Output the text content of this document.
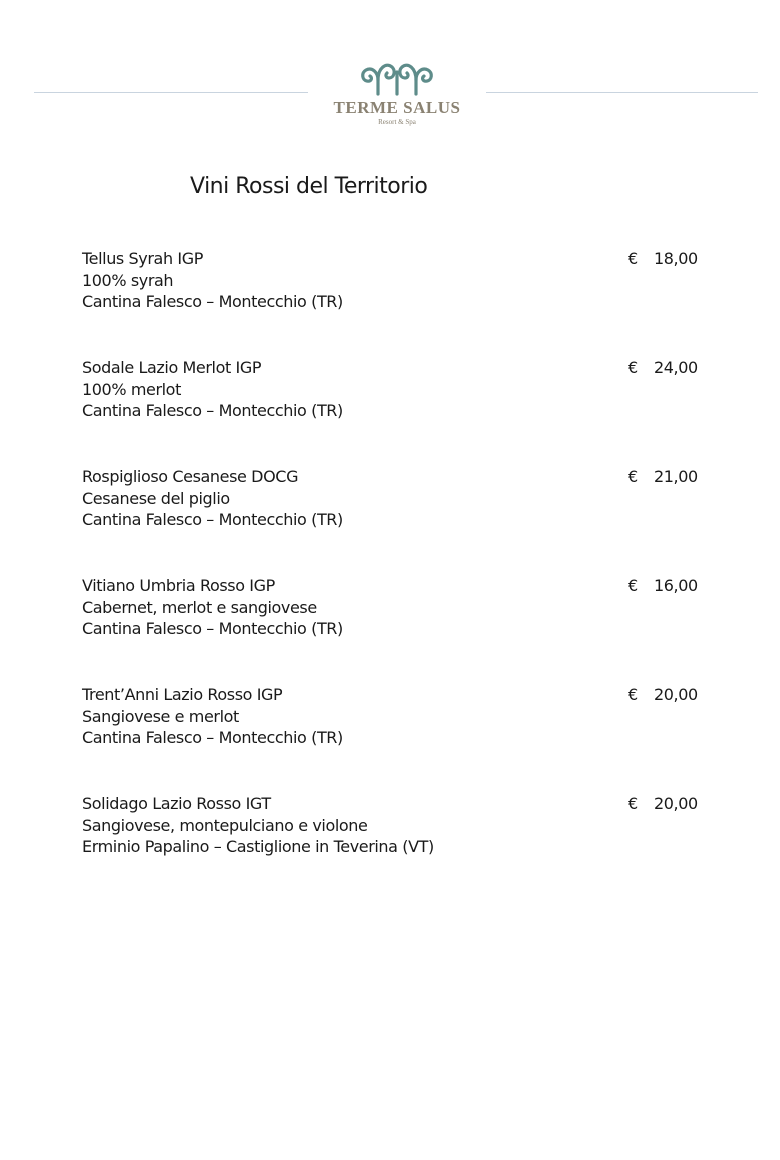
TERME SALUS
Resort & Spa
Vini Rossi del Territorio
Tellus Syrah IGP
100% syrah
Cantina Falesco – Montecchio (TR)
€ 18,00
Sodale Lazio Merlot IGP
100% merlot
Cantina Falesco – Montecchio (TR)
€ 24,00
Rospiglioso Cesanese DOCG
Cesanese del piglio
Cantina Falesco – Montecchio (TR)
€ 21,00
Vitiano Umbria Rosso IGP
Cabernet, merlot e sangiovese
Cantina Falesco – Montecchio (TR)
€ 16,00
Trent’Anni Lazio Rosso IGP
Sangiovese e merlot
Cantina Falesco – Montecchio (TR)
€ 20,00
Solidago Lazio Rosso IGT
Sangiovese, montepulciano e violone
Erminio Papalino – Castiglione in Teverina (VT)
€ 20,00
